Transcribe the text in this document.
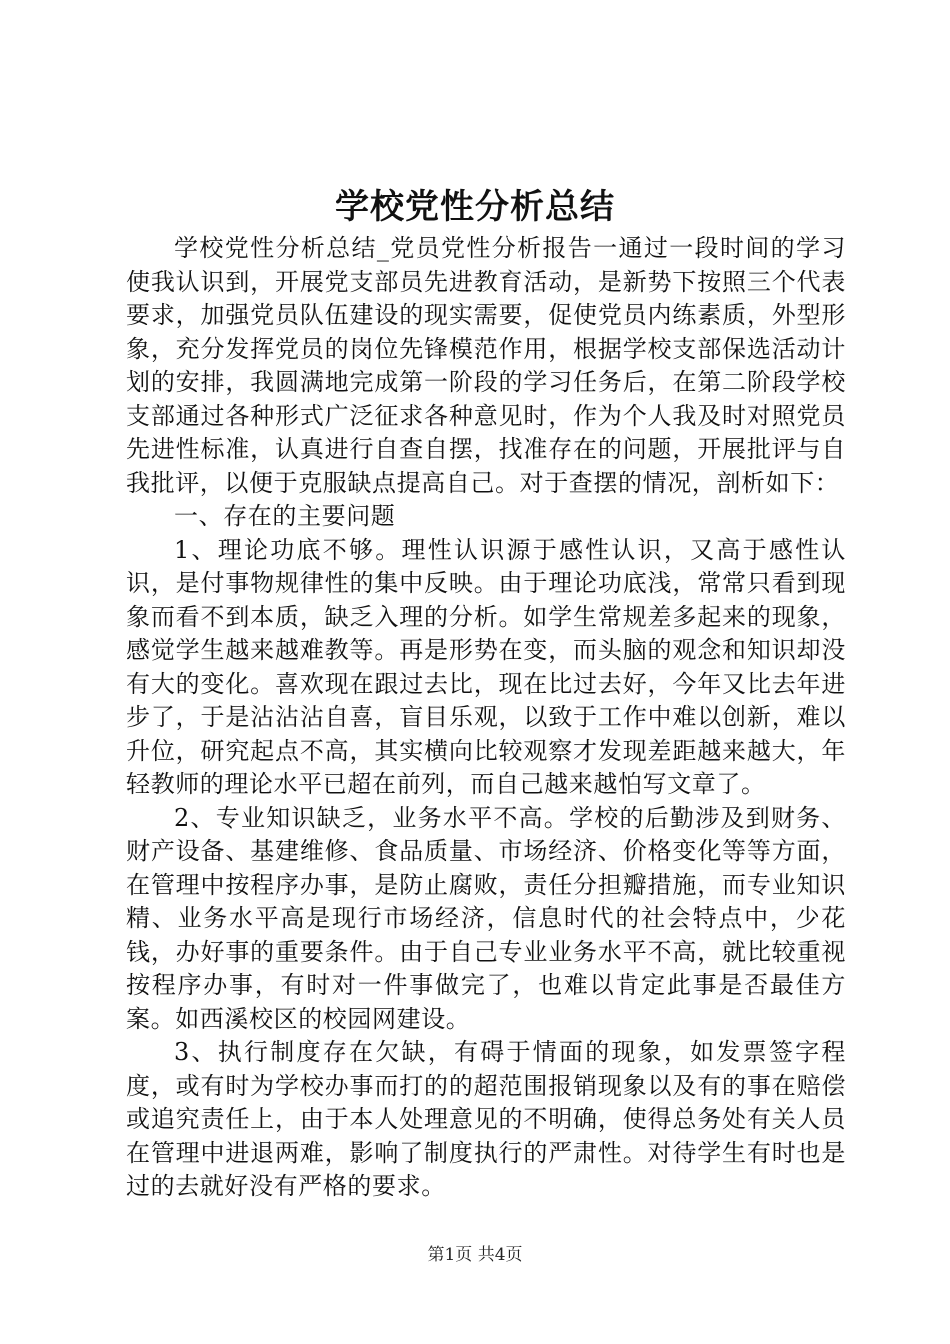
学校党性分析总结

学校党性分析总结_党员党性分析报告一通过一段时间的学习使我认识到，开展党支部员先进教育活动，是新势下按照三个代表要求，加强党员队伍建设的现实需要，促使党员内练素质，外型形象，充分发挥党员的岗位先锋模范作用，根据学校支部保选活动计划的安排，我圆满地完成第一阶段的学习任务后，在第二阶段学校支部通过各种形式广泛征求各种意见时，作为个人我及时对照党员先进性标准，认真进行自查自摆，找准存在的问题，开展批评与自我批评，以便于克服缺点提高自己。对于查摆的情况，剖析如下：

一、存在的主要问题

1、理论功底不够。理性认识源于感性认识，又高于感性认识，是付事物规律性的集中反映。由于理论功底浅，常常只看到现象而看不到本质，缺乏入理的分析。如学生常规差多起来的现象，感觉学生越来越难教等。再是形势在变，而头脑的观念和知识却没有大的变化。喜欢现在跟过去比，现在比过去好，今年又比去年进步了，于是沾沾沾自喜，盲目乐观，以致于工作中难以创新，难以升位，研究起点不高，其实横向比较观察才发现差距越来越大，年轻教师的理论水平已超在前列，而自己越来越怕写文章了。

2、专业知识缺乏，业务水平不高。学校的后勤涉及到财务、财产设备、基建维修、食品质量、市场经济、价格变化等等方面，在管理中按程序办事，是防止腐败，责任分担瓣措施，而专业知识精、业务水平高是现行市场经济，信息时代的社会特点中，少花钱，办好事的重要条件。由于自己专业业务水平不高，就比较重视按程序办事，有时对一件事做完了，也难以肯定此事是否最佳方案。如西溪校区的校园网建设。

3、执行制度存在欠缺，有碍于情面的现象，如发票签字程度，或有时为学校办事而打的的超范围报销现象以及有的事在赔偿或追究责任上，由于本人处理意见的不明确，使得总务处有关人员在管理中进退两难，影响了制度执行的严肃性。对待学生有时也是过的去就好没有严格的要求。

第1页 共4页
